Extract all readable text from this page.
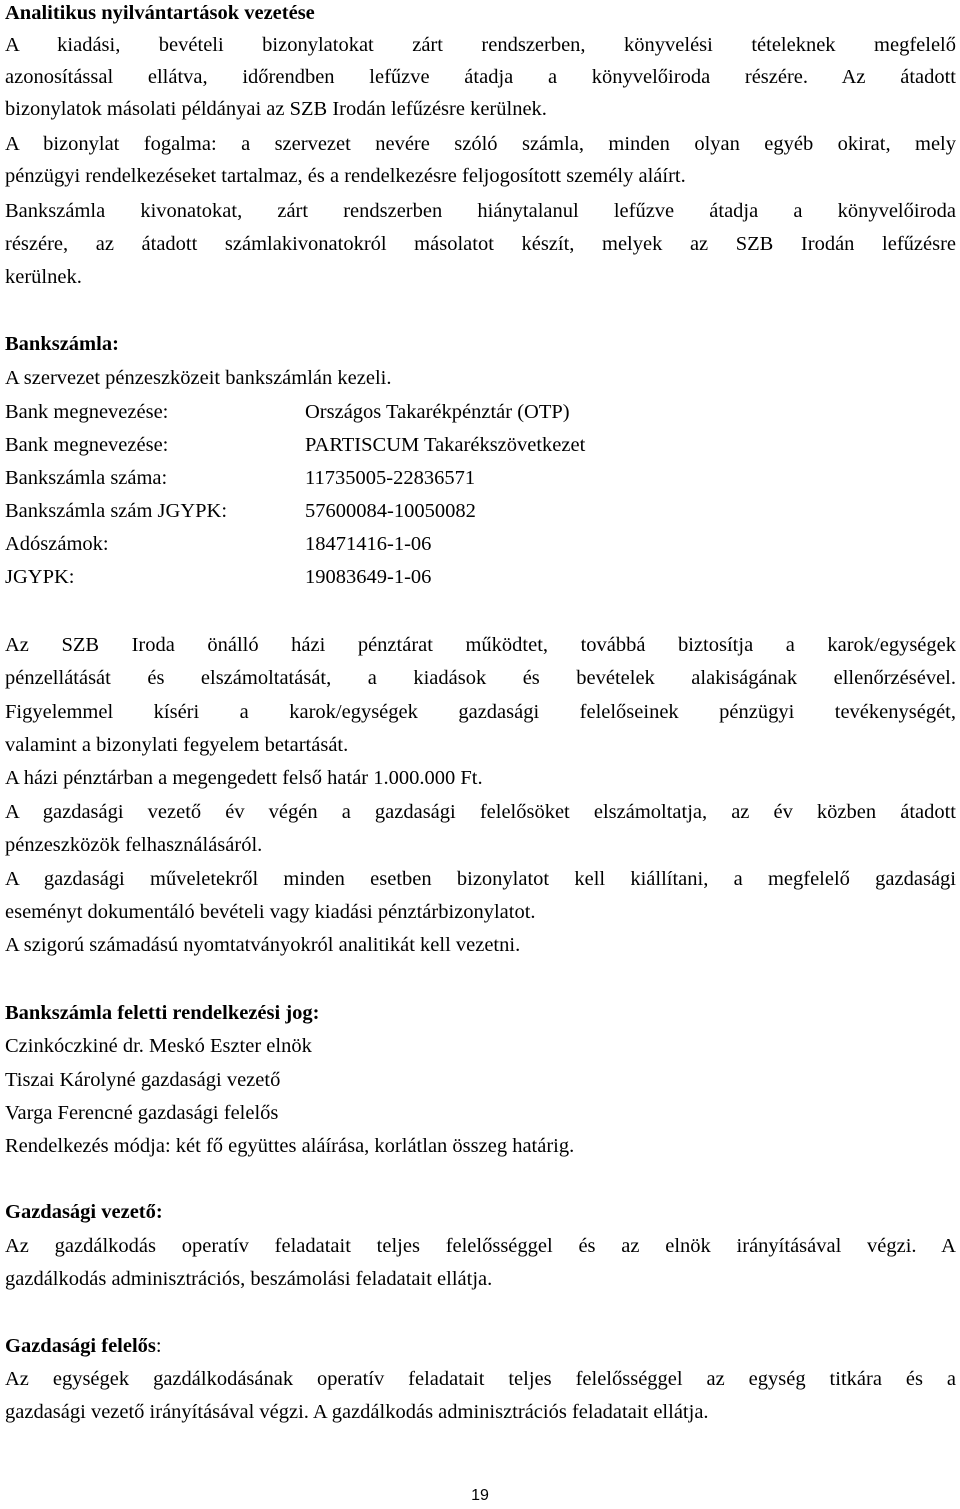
Analitikus nyilvántartások vezetése
A kiadási, bevételi bizonylatokat zárt rendszerben, könyvelési tételeknek megfelelő
azonosítással ellátva, időrendben lefűzve átadja a könyvelőiroda részére. Az átadott
bizonylatok másolati példányai az SZB Irodán lefűzésre kerülnek.
A bizonylat fogalma: a szervezet nevére szóló számla, minden olyan egyéb okirat, mely
pénzügyi rendelkezéseket tartalmaz, és a rendelkezésre feljogosított személy aláírt.
Bankszámla kivonatokat, zárt rendszerben hiánytalanul lefűzve átadja a könyvelőiroda
részére, az átadott számlakivonatokról másolatot készít, melyek az SZB Irodán lefűzésre
kerülnek.
Bankszámla:
A szervezet pénzeszközeit bankszámlán kezeli.
Bank megnevezése:	Országos Takarékpénztár (OTP)
Bank megnevezése:	PARTISCUM Takarékszövetkezet
Bankszámla száma:	11735005-22836571
Bankszámla szám JGYPK:	57600084-10050082
Adószámok:	18471416-1-06
JGYPK:	19083649-1-06
Az SZB Iroda önálló házi pénztárat működtet, továbbá biztosítja a karok/egységek
pénzellátását és elszámoltatását, a kiadások és bevételek alakiságának ellenőrzésével.
Figyelemmel kíséri a karok/egységek gazdasági felelőseinek pénzügyi tevékenységét,
valamint a bizonylati fegyelem betartását.
A házi pénztárban a megengedett felső határ 1.000.000 Ft.
A gazdasági vezető év végén a gazdasági felelősöket elszámoltatja, az év közben átadott
pénzeszközök felhasználásáról.
A gazdasági műveletekről minden esetben bizonylatot kell kiállítani, a megfelelő gazdasági
eseményt dokumentáló bevételi vagy kiadási pénztárbizonylatot.
A szigorú számadású nyomtatványokról analitikát kell vezetni.
Bankszámla feletti rendelkezési jog:
Czinkóczkiné dr. Meskó Eszter elnök
Tiszai Károlyné gazdasági vezető
Varga Ferencné gazdasági felelős
Rendelkezés módja: két fő együttes aláírása, korlátlan összeg határig.
Gazdasági vezető:
Az gazdálkodás operatív feladatait teljes felelősséggel és az elnök irányításával végzi. A
gazdálkodás adminisztrációs, beszámolási feladatait ellátja.
Gazdasági felelős:
Az egységek gazdálkodásának operatív feladatait teljes felelősséggel az egység titkára és a
gazdasági vezető irányításával végzi. A gazdálkodás adminisztrációs feladatait ellátja.
19
